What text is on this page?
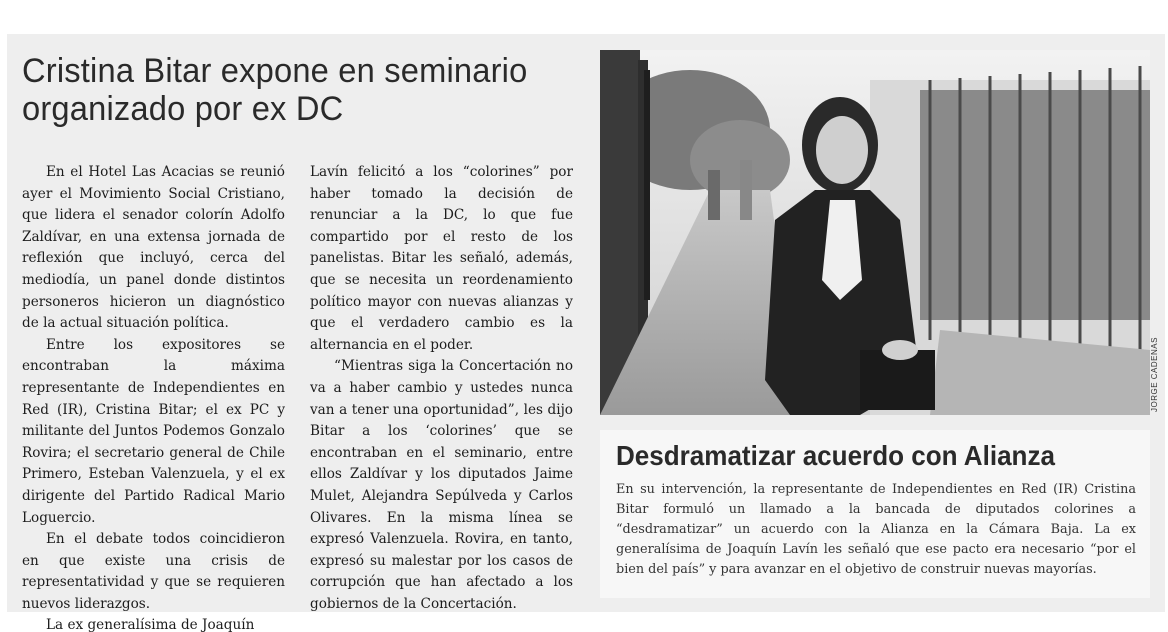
Cristina Bitar expone en seminario organizado por ex DC

En el Hotel Las Acacias se reunió ayer el Movimiento Social Cristiano, que lidera el senador colorín Adolfo Zaldívar, en una extensa jornada de reflexión que incluyó, cerca del mediodía, un panel donde distintos personeros hicieron un diagnóstico de la actual situación política.

Entre los expositores se encontraban la máxima representante de Independientes en Red (IR), Cristina Bitar; el ex PC y militante del Juntos Podemos Gonzalo Rovira; el secretario general de Chile Primero, Esteban Valenzuela, y el ex dirigente del Partido Radical Mario Loguercio.

En el debate todos coincidieron en que existe una crisis de representatividad y que se requieren nuevos liderazgos.

La ex generalísima de Joaquín

Lavín felicitó a los “colorines” por haber tomado la decisión de renunciar a la DC, lo que fue compartido por el resto de los panelistas. Bitar les señaló, además, que se necesita un reordenamiento político mayor con nuevas alianzas y que el verdadero cambio es la alternancia en el poder.

“Mientras siga la Concertación no va a haber cambio y ustedes nunca van a tener una oportunidad”, les dijo Bitar a los ‘colorines’ que se encontraban en el seminario, entre ellos Zaldívar y los diputados Jaime Mulet, Alejandra Sepúlveda y Carlos Olivares. En la misma línea se expresó Valenzuela. Rovira, en tanto, expresó su malestar por los casos de corrupción que han afectado a los gobiernos de la Concertación.

JORGE CADENAS
Desdramatizar acuerdo con Alianza

En su intervención, la representante de Independientes en Red (IR) Cristina Bitar formuló un llamado a la bancada de diputados colorines a “desdramatizar” un acuerdo con la Alianza en la Cámara Baja. La ex generalísima de Joaquín Lavín les señaló que ese pacto era necesario “por el bien del país” y para avanzar en el objetivo de construir nuevas mayorías.
